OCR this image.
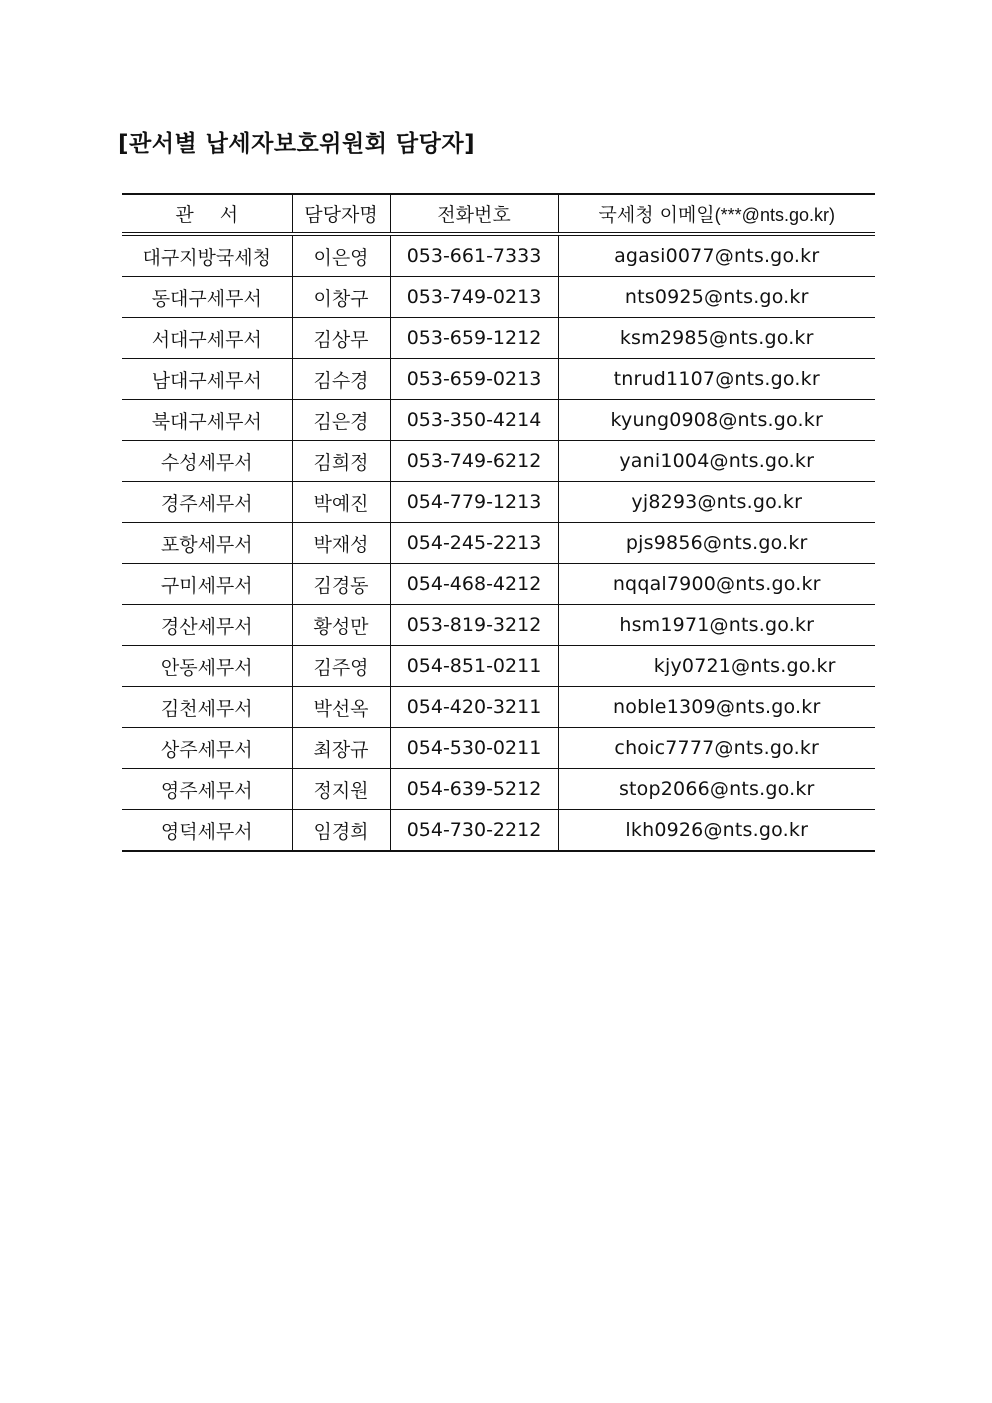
[관서별 납세자보호위원회 담당자]
관 서	담당자명	전화번호	국세청 이메일(***@nts.go.kr)
대구지방국세청	이은영	053-661-7333	agasi0077@nts.go.kr
동대구세무서	이창구	053-749-0213	nts0925@nts.go.kr
서대구세무서	김상무	053-659-1212	ksm2985@nts.go.kr
남대구세무서	김수경	053-659-0213	tnrud1107@nts.go.kr
북대구세무서	김은경	053-350-4214	kyung0908@nts.go.kr
수성세무서	김희정	053-749-6212	yani1004@nts.go.kr
경주세무서	박예진	054-779-1213	yj8293@nts.go.kr
포항세무서	박재성	054-245-2213	pjs9856@nts.go.kr
구미세무서	김경동	054-468-4212	nqqal7900@nts.go.kr
경산세무서	황성만	053-819-3212	hsm1971@nts.go.kr
안동세무서	김주영	054-851-0211	kjy0721@nts.go.kr
김천세무서	박선옥	054-420-3211	noble1309@nts.go.kr
상주세무서	최장규	054-530-0211	choic7777@nts.go.kr
영주세무서	정지원	054-639-5212	stop2066@nts.go.kr
영덕세무서	임경희	054-730-2212	lkh0926@nts.go.kr
